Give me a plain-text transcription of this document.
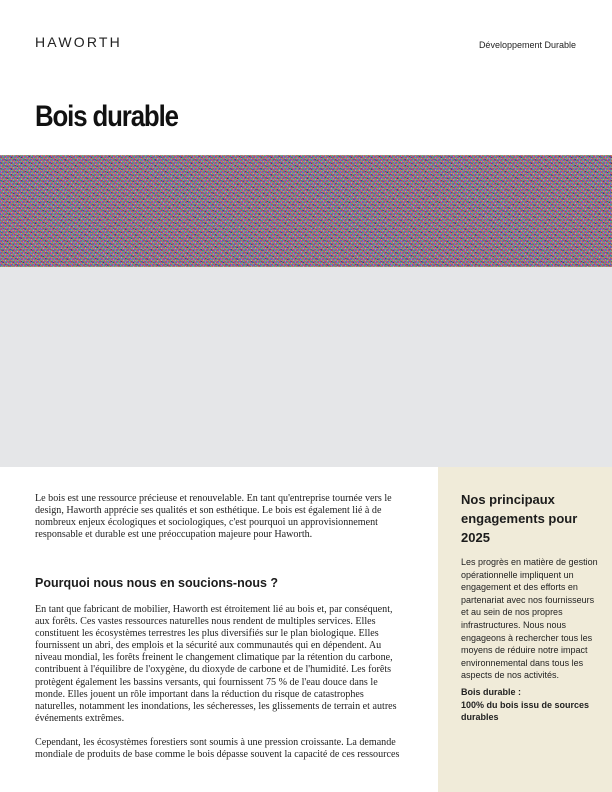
HAWORTH	Développement Durable
Bois durable

Le bois est une ressource précieuse et renouvelable. En tant qu'entreprise tournée vers le design, Haworth apprécie ses qualités et son esthétique. Le bois est également lié à de nombreux enjeux écologiques et sociologiques, c'est pourquoi un approvisionnement responsable et durable est une préoccupation majeure pour Haworth.

Pourquoi nous nous en soucions-nous ?

En tant que fabricant de mobilier, Haworth est étroitement lié au bois et, par conséquent, aux forêts. Ces vastes ressources naturelles nous rendent de multiples services. Elles constituent les écosystèmes terrestres les plus diversifiés sur le plan biologique. Elles fournissent un abri, des emplois et la sécurité aux communautés qui en dépendent. Au niveau mondial, les forêts freinent le changement climatique par la rétention du carbone, contribuent à l'équilibre de l'oxygène, du dioxyde de carbone et de l'humidité. Les forêts protègent également les bassins versants, qui fournissent 75 % de l'eau douce dans le monde. Elles jouent un rôle important dans la réduction du risque de catastrophes naturelles, notamment les inondations, les sécheresses, les glissements de terrain et autres événements extrêmes.

Cependant, les écosystèmes forestiers sont soumis à une pression croissante. La demande mondiale de produits de base comme le bois dépasse souvent la capacité de ces ressources

Nos principaux engagements pour 2025

Les progrès en matière de gestion opérationnelle impliquent un engagement et des efforts en partenariat avec nos fournisseurs et au sein de nos propres infrastructures. Nous nous engageons à rechercher tous les moyens de réduire notre impact environnemental dans tous les aspects de nos activités.

Bois durable :
100% du bois issu de sources durables
